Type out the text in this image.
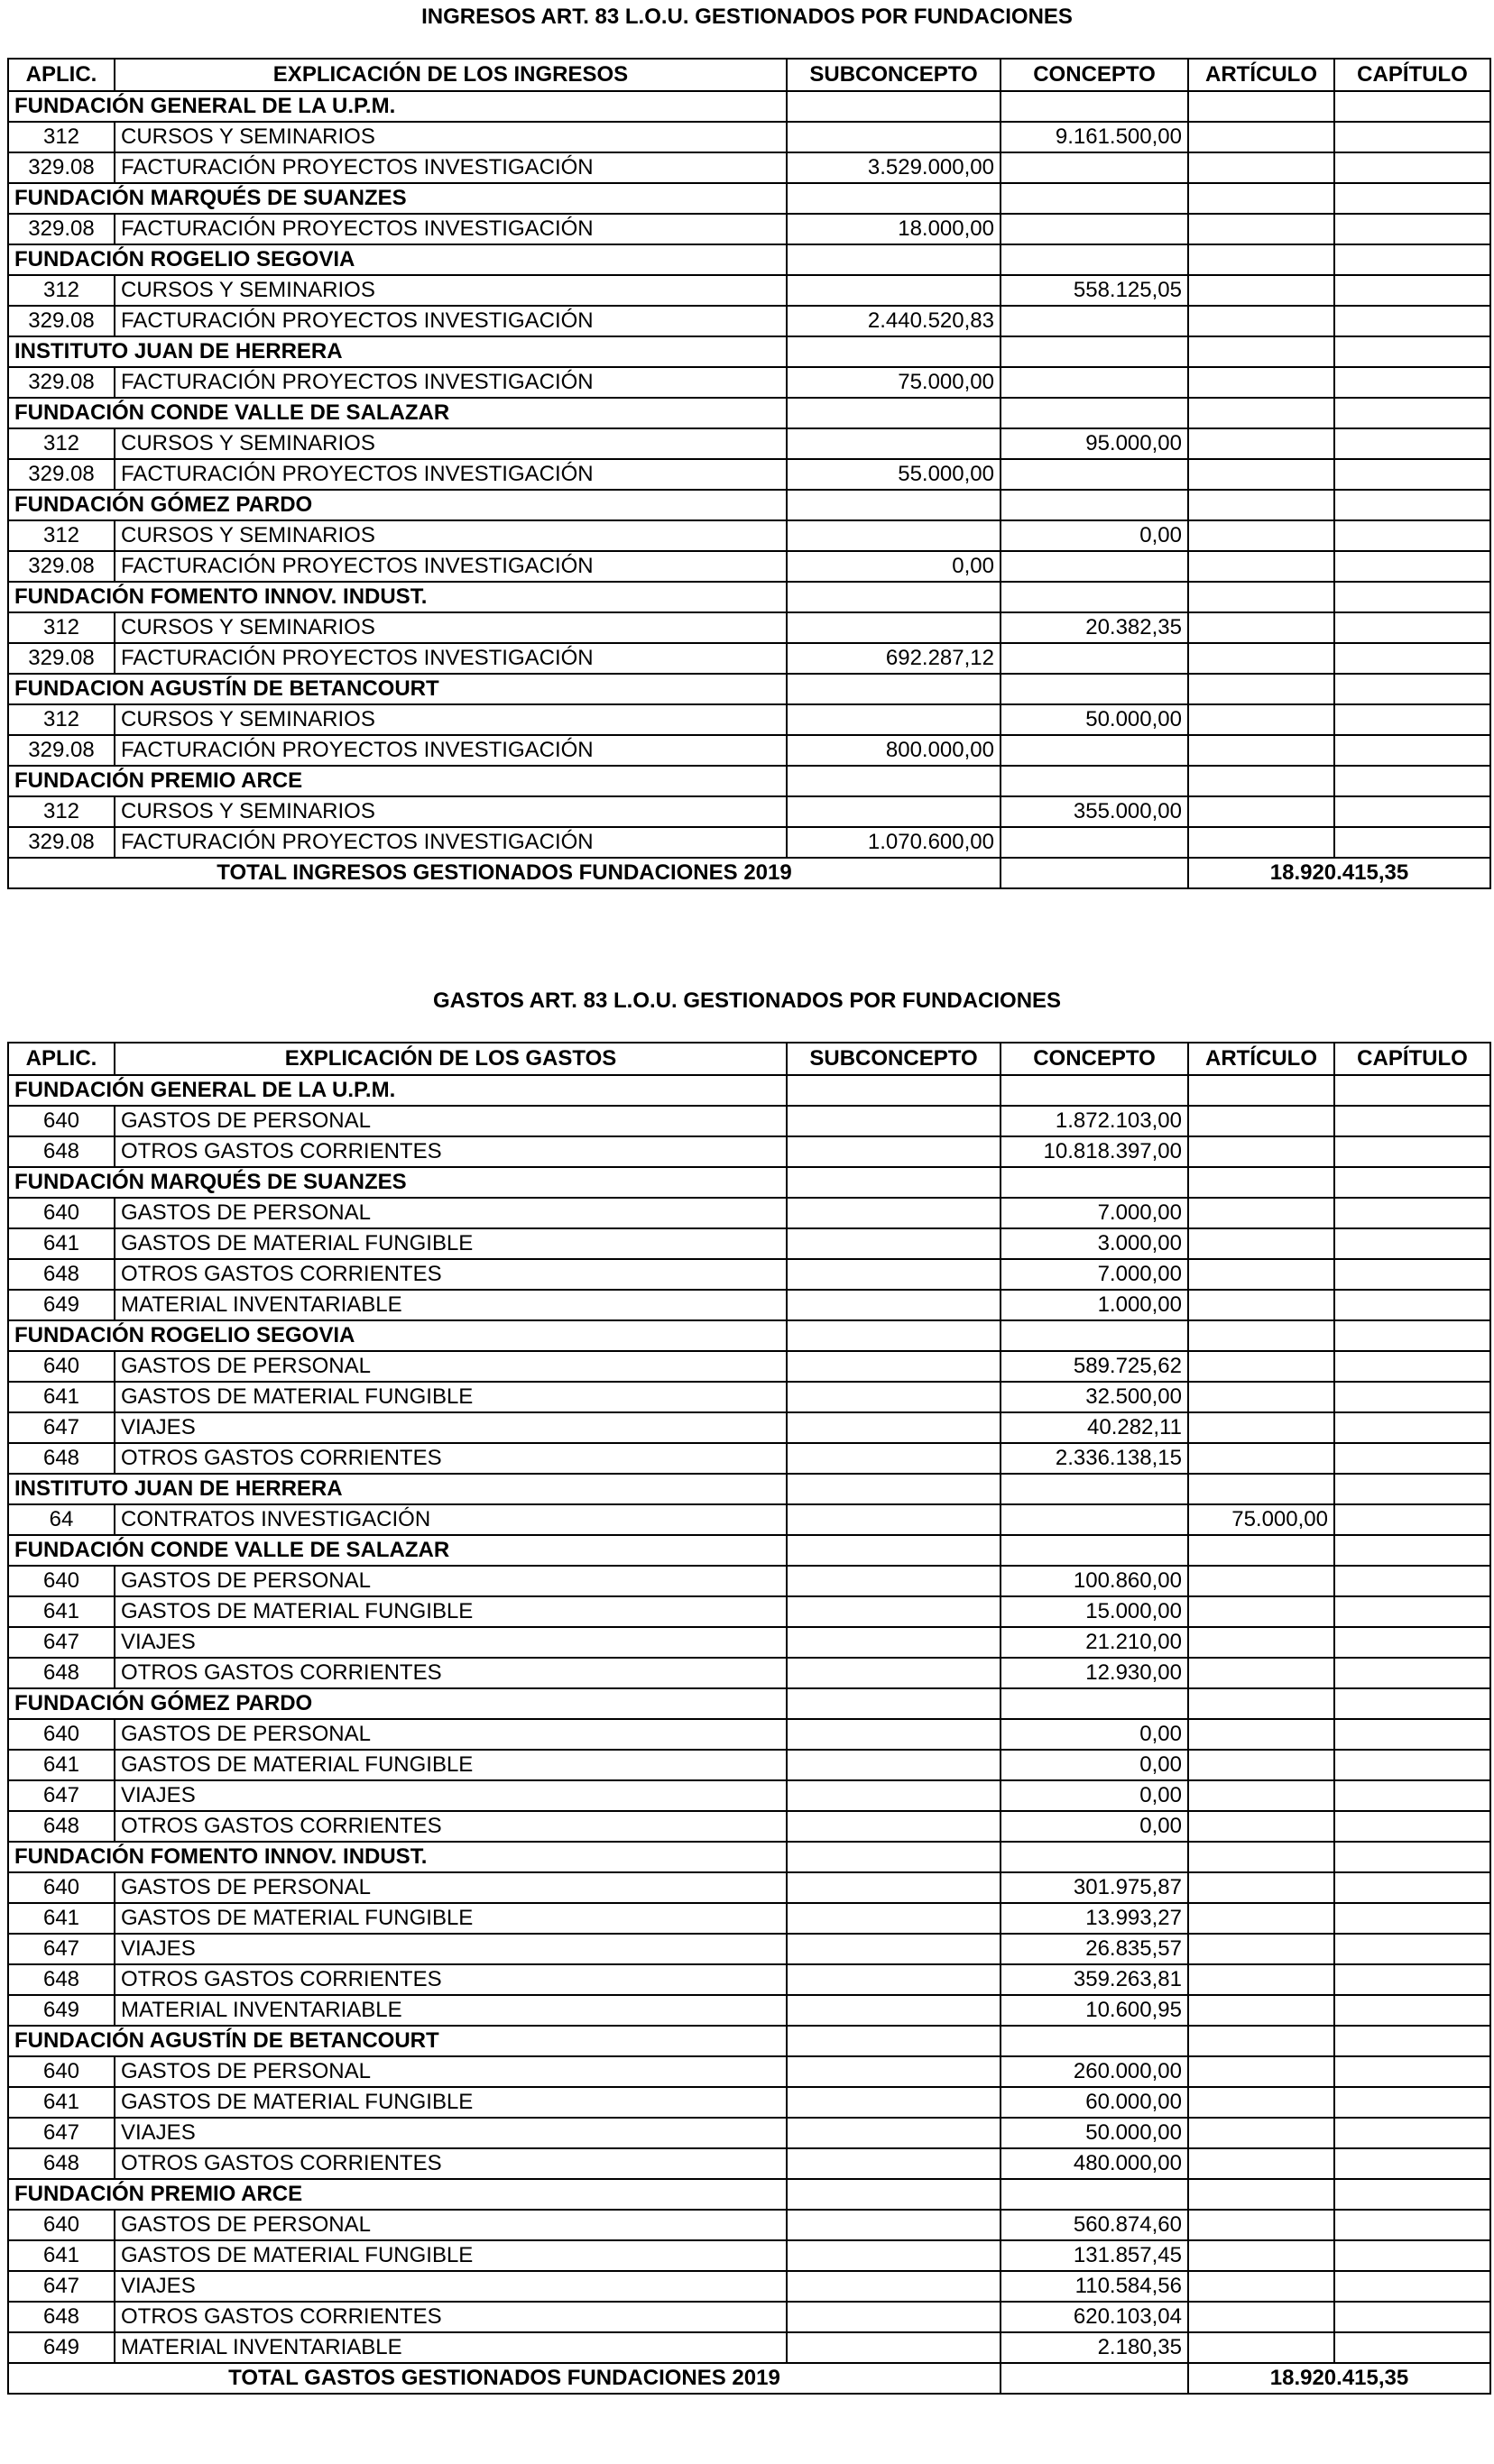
INGRESOS ART. 83 L.O.U. GESTIONADOS POR FUNDACIONES
APLIC.	EXPLICACIÓN DE LOS INGRESOS	SUBCONCEPTO	CONCEPTO	ARTÍCULO	CAPÍTULO
FUNDACIÓN GENERAL DE LA U.P.M.					
312	CURSOS Y SEMINARIOS		9.161.500,00		
329.08	FACTURACIÓN PROYECTOS INVESTIGACIÓN	3.529.000,00			
FUNDACIÓN MARQUÉS DE SUANZES					
329.08	FACTURACIÓN PROYECTOS INVESTIGACIÓN	18.000,00			
FUNDACIÓN ROGELIO SEGOVIA					
312	CURSOS Y SEMINARIOS		558.125,05		
329.08	FACTURACIÓN PROYECTOS INVESTIGACIÓN	2.440.520,83			
INSTITUTO JUAN DE HERRERA					
329.08	FACTURACIÓN PROYECTOS INVESTIGACIÓN	75.000,00			
FUNDACIÓN CONDE VALLE DE SALAZAR					
312	CURSOS Y SEMINARIOS		95.000,00		
329.08	FACTURACIÓN PROYECTOS INVESTIGACIÓN	55.000,00			
FUNDACIÓN GÓMEZ PARDO					
312	CURSOS Y SEMINARIOS		0,00		
329.08	FACTURACIÓN PROYECTOS INVESTIGACIÓN	0,00			
FUNDACIÓN FOMENTO INNOV. INDUST.					
312	CURSOS Y SEMINARIOS		20.382,35		
329.08	FACTURACIÓN PROYECTOS INVESTIGACIÓN	692.287,12			
FUNDACION AGUSTÍN DE BETANCOURT					
312	CURSOS Y SEMINARIOS		50.000,00		
329.08	FACTURACIÓN PROYECTOS INVESTIGACIÓN	800.000,00			
FUNDACIÓN PREMIO ARCE					
312	CURSOS Y SEMINARIOS		355.000,00		
329.08	FACTURACIÓN PROYECTOS INVESTIGACIÓN	1.070.600,00			
TOTAL INGRESOS GESTIONADOS FUNDACIONES 2019				18.920.415,35	
GASTOS ART. 83 L.O.U. GESTIONADOS POR FUNDACIONES
APLIC.	EXPLICACIÓN DE LOS GASTOS	SUBCONCEPTO	CONCEPTO	ARTÍCULO	CAPÍTULO
FUNDACIÓN GENERAL DE LA U.P.M.					
640	GASTOS DE PERSONAL		1.872.103,00		
648	OTROS GASTOS CORRIENTES		10.818.397,00		
FUNDACIÓN MARQUÉS DE SUANZES					
640	GASTOS DE PERSONAL		7.000,00		
641	GASTOS DE MATERIAL FUNGIBLE		3.000,00		
648	OTROS GASTOS CORRIENTES		7.000,00		
649	MATERIAL INVENTARIABLE		1.000,00		
FUNDACIÓN ROGELIO SEGOVIA					
640	GASTOS DE PERSONAL		589.725,62		
641	GASTOS DE MATERIAL FUNGIBLE		32.500,00		
647	VIAJES		40.282,11		
648	OTROS GASTOS CORRIENTES		2.336.138,15		
INSTITUTO JUAN DE HERRERA					
64	CONTRATOS INVESTIGACIÓN			75.000,00	
FUNDACIÓN CONDE VALLE DE SALAZAR					
640	GASTOS DE PERSONAL		100.860,00		
641	GASTOS DE MATERIAL FUNGIBLE		15.000,00		
647	VIAJES		21.210,00		
648	OTROS GASTOS CORRIENTES		12.930,00		
FUNDACIÓN GÓMEZ PARDO					
640	GASTOS DE PERSONAL		0,00		
641	GASTOS DE MATERIAL FUNGIBLE		0,00		
647	VIAJES		0,00		
648	OTROS GASTOS CORRIENTES		0,00		
FUNDACIÓN FOMENTO INNOV. INDUST.					
640	GASTOS DE PERSONAL		301.975,87		
641	GASTOS DE MATERIAL FUNGIBLE		13.993,27		
647	VIAJES		26.835,57		
648	OTROS GASTOS CORRIENTES		359.263,81		
649	MATERIAL INVENTARIABLE		10.600,95		
FUNDACIÓN AGUSTÍN DE BETANCOURT					
640	GASTOS DE PERSONAL		260.000,00		
641	GASTOS DE MATERIAL FUNGIBLE		60.000,00		
647	VIAJES		50.000,00		
648	OTROS GASTOS CORRIENTES		480.000,00		
FUNDACIÓN PREMIO ARCE					
640	GASTOS DE PERSONAL		560.874,60		
641	GASTOS DE MATERIAL FUNGIBLE		131.857,45		
647	VIAJES		110.584,56		
648	OTROS GASTOS CORRIENTES		620.103,04		
649	MATERIAL INVENTARIABLE		2.180,35		
TOTAL GASTOS GESTIONADOS FUNDACIONES 2019				18.920.415,35	
